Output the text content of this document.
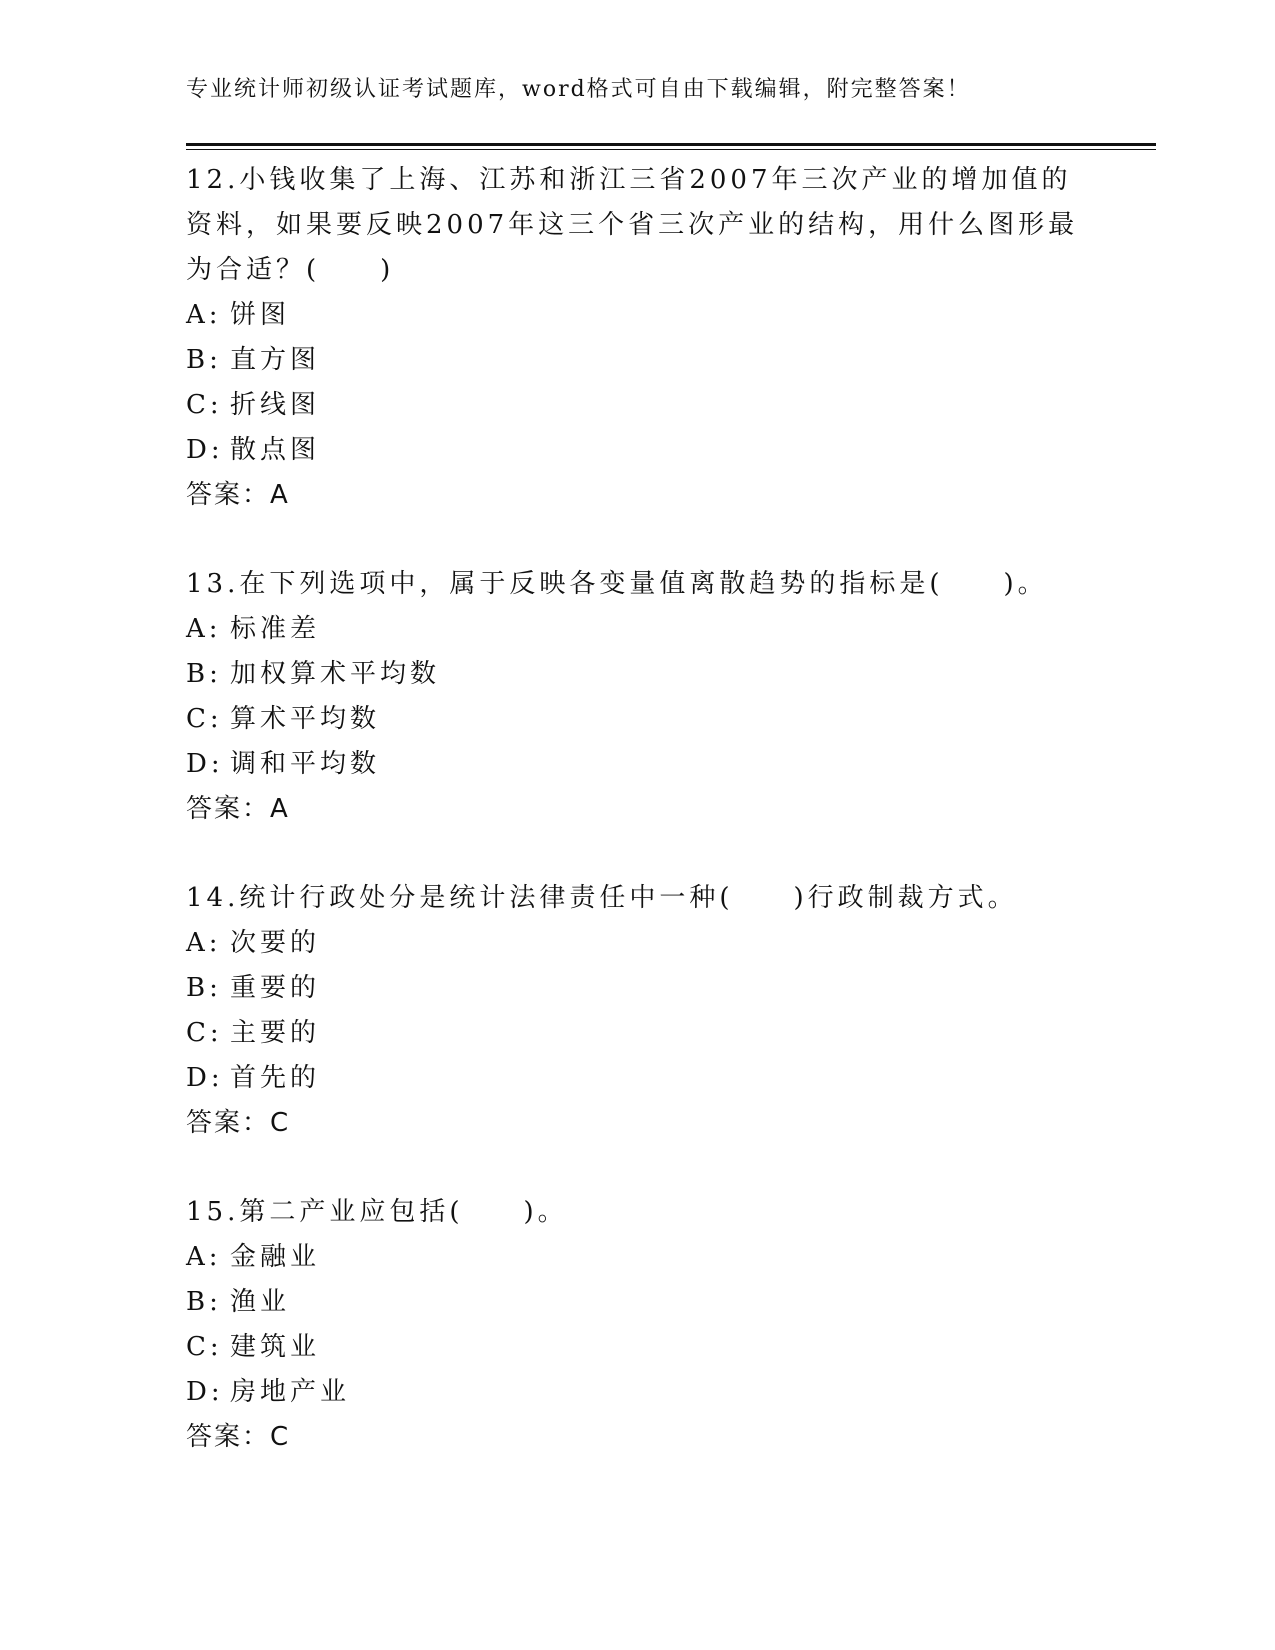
专业统计师初级认证考试题库，word格式可自由下载编辑，附完整答案！

12.小钱收集了上海、江苏和浙江三省2007年三次产业的增加值的资料，如果要反映2007年这三个省三次产业的结构，用什么图形最为合适？(　　)

A: 饼图
B: 直方图
C: 折线图
D: 散点图
答案：A

13.在下列选项中，属于反映各变量值离散趋势的指标是(　　)。

A: 标准差
B: 加权算术平均数
C: 算术平均数
D: 调和平均数
答案：A

14.统计行政处分是统计法律责任中一种(　　)行政制裁方式。

A: 次要的
B: 重要的
C: 主要的
D: 首先的
答案：C

15.第二产业应包括(　　)。

A: 金融业
B: 渔业
C: 建筑业
D: 房地产业
答案：C
